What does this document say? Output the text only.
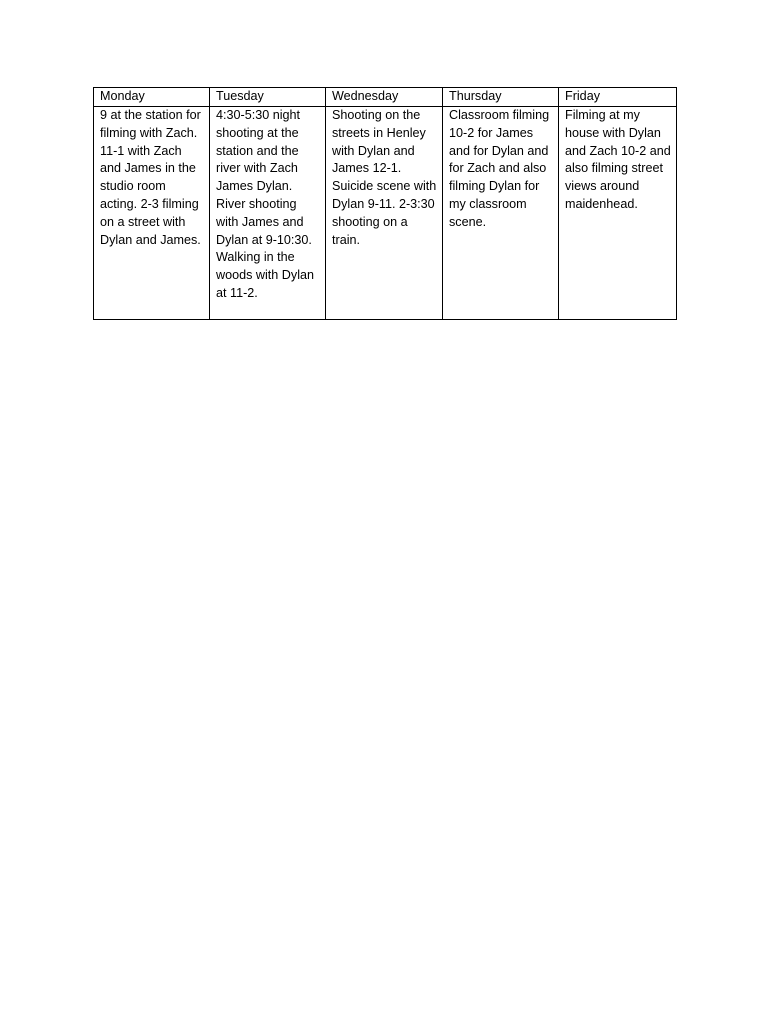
Monday	Tuesday	Wednesday	Thursday	Friday
9 at the station for filming with Zach. 11-1 with Zach and James in the studio room acting. 2-3 filming on a street with Dylan and James.	4:30-5:30 night shooting at the station and the river with Zach James Dylan. River shooting with James and Dylan at 9-10:30. Walking in the woods with Dylan at 11-2.	Shooting on the streets in Henley with Dylan and James 12-1. Suicide scene with Dylan 9-11. 2-3:30 shooting on a train.	Classroom filming 10-2 for James and for Dylan and for Zach and also filming Dylan for my classroom scene.	Filming at my house with Dylan and Zach 10-2 and also filming street views around maidenhead.
